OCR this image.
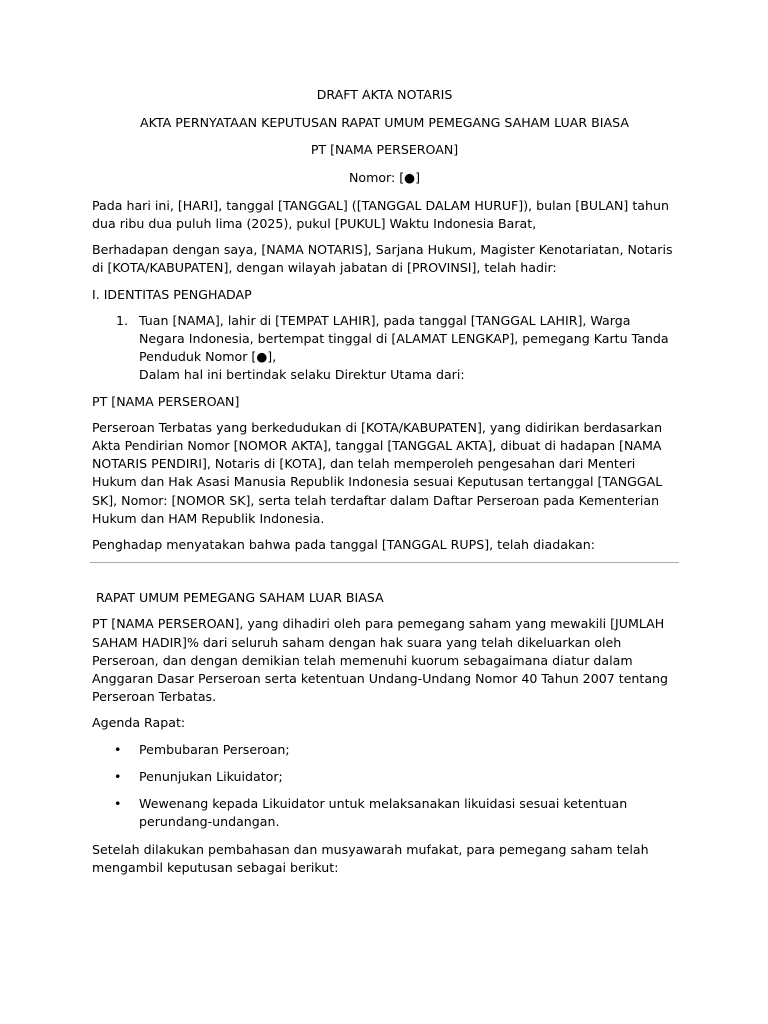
DRAFT AKTA NOTARIS

AKTA PERNYATAAN KEPUTUSAN RAPAT UMUM PEMEGANG SAHAM LUAR BIASA

PT [NAMA PERSEROAN]

Nomor: [●]

Pada hari ini, [HARI], tanggal [TANGGAL] ([TANGGAL DALAM HURUF]), bulan [BULAN] tahun dua ribu dua puluh lima (2025), pukul [PUKUL] Waktu Indonesia Barat,

Berhadapan dengan saya, [NAMA NOTARIS], Sarjana Hukum, Magister Kenotariatan, Notaris di [KOTA/KABUPATEN], dengan wilayah jabatan di [PROVINSI], telah hadir:

I. IDENTITAS PENGHADAP

1. Tuan [NAMA], lahir di [TEMPAT LAHIR], pada tanggal [TANGGAL LAHIR], Warga Negara Indonesia, bertempat tinggal di [ALAMAT LENGKAP], pemegang Kartu Tanda Penduduk Nomor [●],
Dalam hal ini bertindak selaku Direktur Utama dari:

PT [NAMA PERSEROAN]

Perseroan Terbatas yang berkedudukan di [KOTA/KABUPATEN], yang didirikan berdasarkan Akta Pendirian Nomor [NOMOR AKTA], tanggal [TANGGAL AKTA], dibuat di hadapan [NAMA NOTARIS PENDIRI], Notaris di [KOTA], dan telah memperoleh pengesahan dari Menteri Hukum dan Hak Asasi Manusia Republik Indonesia sesuai Keputusan tertanggal [TANGGAL SK], Nomor: [NOMOR SK], serta telah terdaftar dalam Daftar Perseroan pada Kementerian Hukum dan HAM Republik Indonesia.

Penghadap menyatakan bahwa pada tanggal [TANGGAL RUPS], telah diadakan:

RAPAT UMUM PEMEGANG SAHAM LUAR BIASA

PT [NAMA PERSEROAN], yang dihadiri oleh para pemegang saham yang mewakili [JUMLAH SAHAM HADIR]% dari seluruh saham dengan hak suara yang telah dikeluarkan oleh Perseroan, dan dengan demikian telah memenuhi kuorum sebagaimana diatur dalam Anggaran Dasar Perseroan serta ketentuan Undang-Undang Nomor 40 Tahun 2007 tentang Perseroan Terbatas.

Agenda Rapat:

• Pembubaran Perseroan;
• Penunjukan Likuidator;
• Wewenang kepada Likuidator untuk melaksanakan likuidasi sesuai ketentuan perundang-undangan.

Setelah dilakukan pembahasan dan musyawarah mufakat, para pemegang saham telah mengambil keputusan sebagai berikut:
